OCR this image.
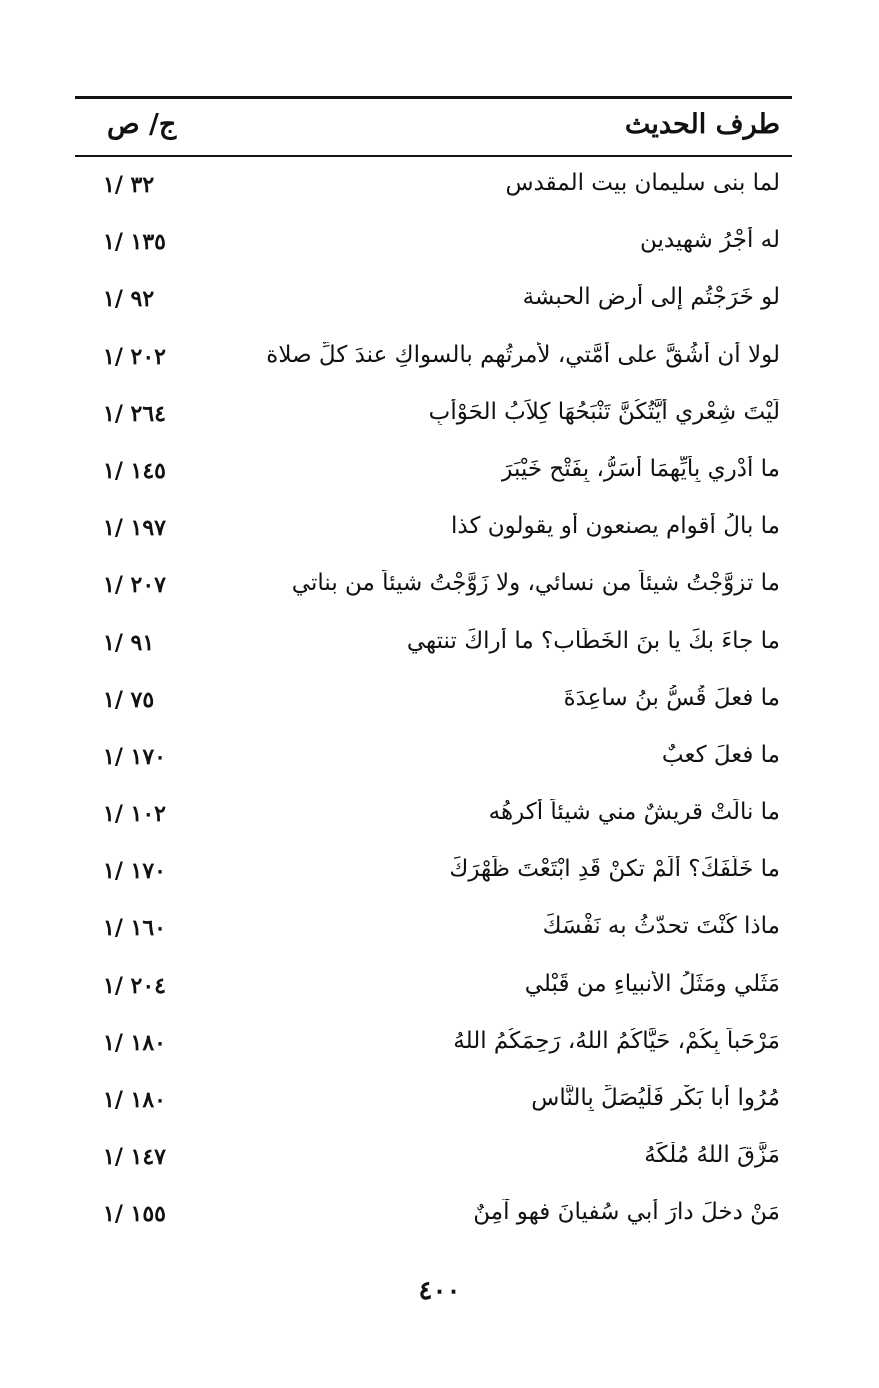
طرف الحديث
ج/ ص
لما بنى سليمان بيت المقدس
٣٢ /١
له أَجْرُ شهيدينِ
١٣٥ /١
لو خَرَجْتُم إلى أرضِ الحبشة
٩٢ /١
لولا أن أَشُقَّ على أُمَّتي، لأمرتُهم بالسواكِ عندَ كلِّ صلاة
٢٠٢ /١
لَيْتَ شِعْرِي أَيَّتُكُنَّ تَنْبَحُهَا كِلاَبُ الحَوْأَبِ
٢٦٤ /١
ما أَدْرِي بِأَيِّهِمَا أُسَرُّ، بِفَتْحِ خَيْبَرَ
١٤٥ /١
ما بالُ أقوامٍ يصنعون أو يقولون كذا
١٩٧ /١
ما تزوَّجْتُ شيئاً من نسائي، ولا زَوَّجْتُ شيئاً من بناتي
٢٠٧ /١
ما جاءَ بكَ يا بنَ الخَطَّاب؟ ما أراكَ تنتهي
٩١ /١
ما فعلَ قُسُّ بنُ ساعِدَةَ
٧٥ /١
ما فعلَ كعبٌ
١٧٠ /١
ما نالَتْ قريشٌ مني شيئاً أكرهُه
١٠٢ /١
ما خَلَّفَكَ؟ أَلَمْ تكنْ قَدِ ابْتَعْتَ ظَهْرَكَ
١٧٠ /١
ماذا كُنْتَ تحدّثُ به نَفْسَكَ
١٦٠ /١
مَثَلي ومَثَلُ الأنبياءِ من قَبْلي
٢٠٤ /١
مَرْحَباً بِكُمْ، حَيَّاكُمُ اللهُ، رَحِمَكُمُ اللهُ
١٨٠ /١
مُرُوا أبا بَكْرٍ فَلْيُصَلِّ بِالنَّاسِ
١٨٠ /١
مَزَّقَ اللهُ مُلْكَهُ
١٤٧ /١
مَنْ دخلَ دارَ أبي سُفيانَ فهو آمِنٌ
١٥٥ /١
٤٠٠
